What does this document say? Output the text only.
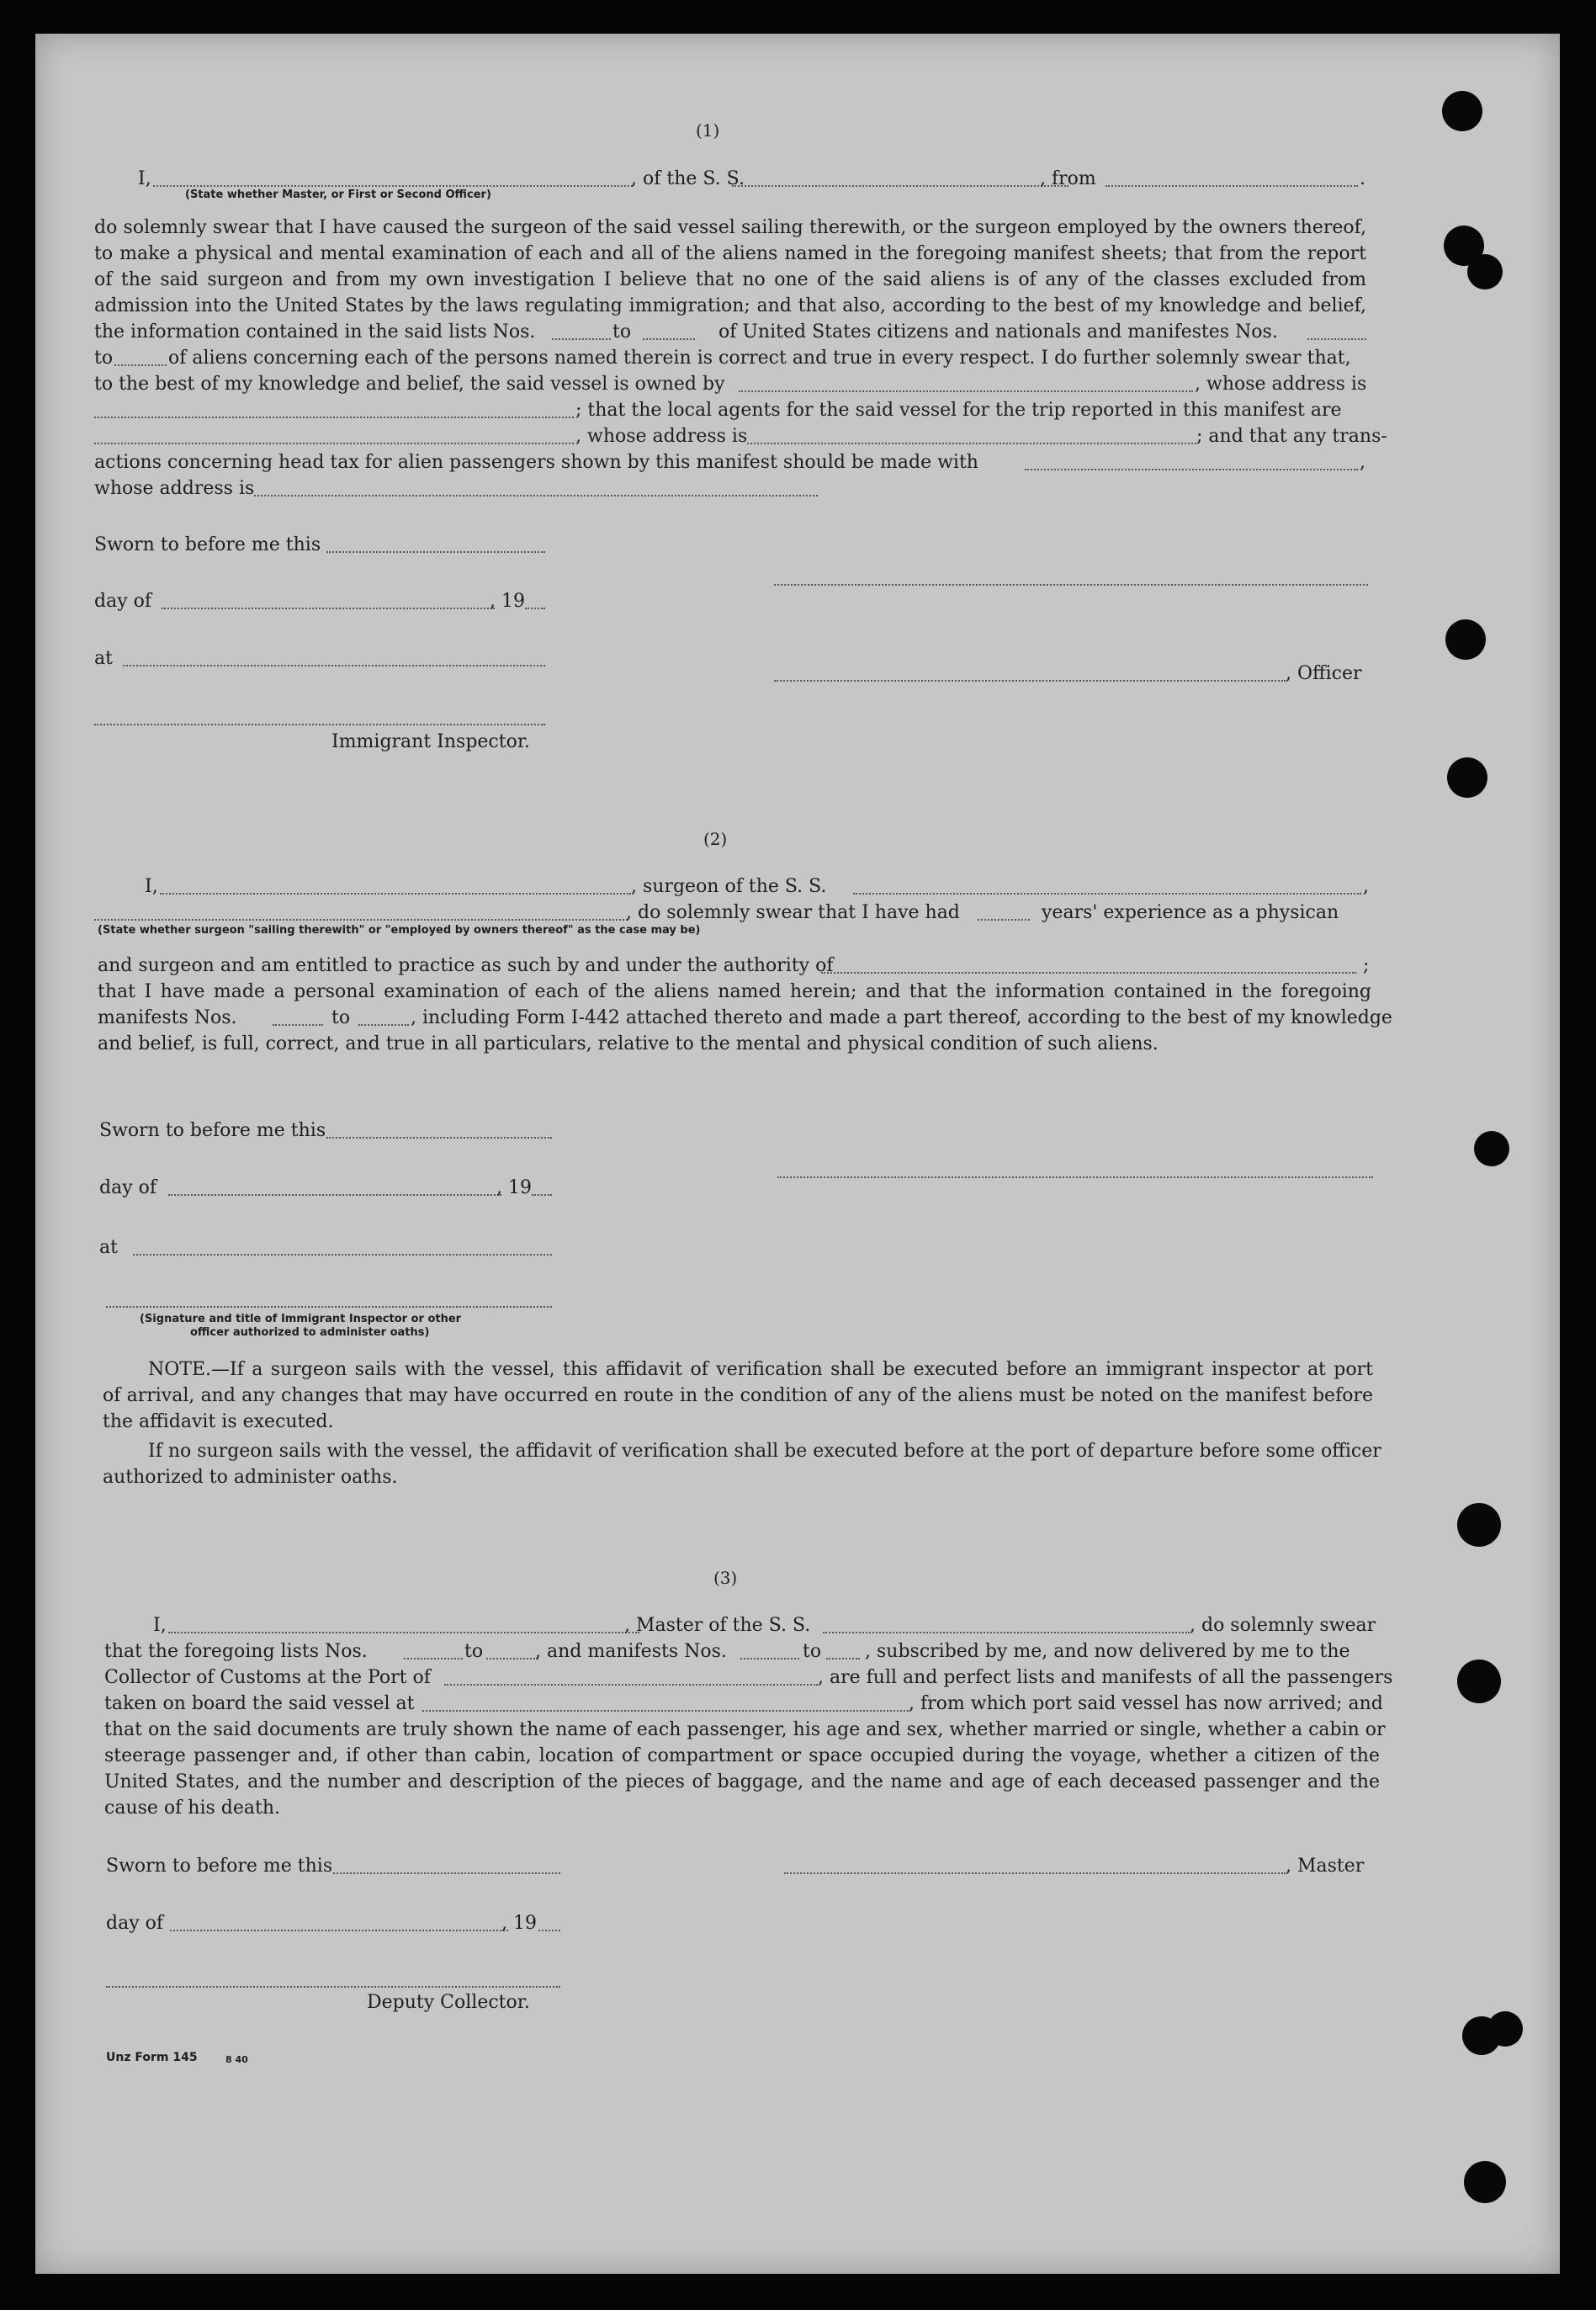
(1)
I,	, of the S. S.	, from	.
(State whether Master, or First or Second Officer)
do solemnly swear that I have caused the surgeon of the said vessel sailing therewith, or the surgeon employed by the owners thereof,
to make a physical and mental examination of each and all of the aliens named in the foregoing manifest sheets; that from the report
of the said surgeon and from my own investigation I believe that no one of the said aliens is of any of the classes excluded from
admission into the United States by the laws regulating immigration; and that also, according to the best of my knowledge and belief,
the information contained in the said lists Nos.	to	of United States citizens and nationals and manifestes Nos.
to	of aliens concerning each of the persons named therein is correct and true in every respect. I do further solemnly swear that,
to the best of my knowledge and belief, the said vessel is owned by	, whose address is
; that the local agents for the said vessel for the trip reported in this manifest are
, whose address is	; and that any trans-
actions concerning head tax for alien passengers shown by this manifest should be made with	,
whose address is
Sworn to before me this
day of	, 19
at
, Officer
Immigrant Inspector.
(2)
I,	, surgeon of the S. S.	,
, do solemnly swear that I have had	years' experience as a physican
(State whether surgeon "sailing therewith" or "employed by owners thereof" as the case may be)
and surgeon and am entitled to practice as such by and under the authority of	;
that I have made a personal examination of each of the aliens named herein; and that the information contained in the foregoing
manifests Nos.	to	, including Form I-442 attached thereto and made a part thereof, according to the best of my knowledge
and belief, is full, correct, and true in all particulars, relative to the mental and physical condition of such aliens.
Sworn to before me this
day of	, 19
at
(Signature and title of Immigrant Inspector or other
officer authorized to administer oaths)
NOTE.—If a surgeon sails with the vessel, this affidavit of verification shall be executed before an immigrant inspector at port
of arrival, and any changes that may have occurred en route in the condition of any of the aliens must be noted on the manifest before
the affidavit is executed.
If no surgeon sails with the vessel, the affidavit of verification shall be executed before at the port of departure before some officer
authorized to administer oaths.
(3)
I,	, Master of the S. S.	, do solemnly swear
that the foregoing lists Nos.	to	, and manifests Nos.	to , subscribed by me, and now delivered by me to the
Collector of Customs at the Port of	, are full and perfect lists and manifests of all the passengers
taken on board the said vessel at	, from which port said vessel has now arrived; and
that on the said documents are truly shown the name of each passenger, his age and sex, whether married or single, whether a cabin or
steerage passenger and, if other than cabin, location of compartment or space occupied during the voyage, whether a citizen of the
United States, and the number and description of the pieces of baggage, and the name and age of each deceased passenger and the
cause of his death.
Sworn to before me this	, Master
day of	, 19
Deputy Collector.
Unz Form 145	8 40
